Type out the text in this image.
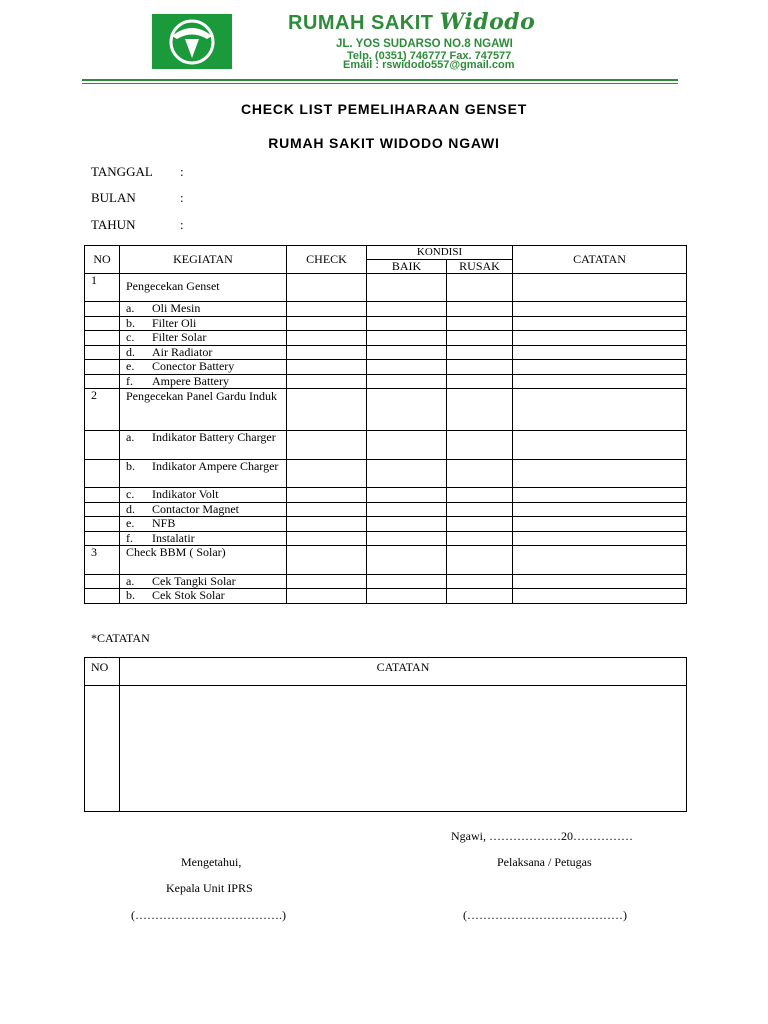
RUMAH SAKIT Widodo
JL. YOS SUDARSO NO.8 NGAWI
Telp. (0351) 746777 Fax. 747577
Email : rswidodo557@gmail.com
CHECK LIST PEMELIHARAAN GENSET
RUMAH SAKIT WIDODO NGAWI
TANGGAL :
BULAN	:
TAHUN	:
NO	KEGIATAN	CHECK	KONDISI		CATATAN
			BAIK	RUSAK	
1	Pengecekan Genset				

	a. Oli Mesin				

	b. Filter Oli				

	c. Filter Solar				

	d. Air Radiator				

	e. Conector Battery				

	f. Ampere Battery				

2	Pengecekan Panel Gardu Induk				

	a. Indikator Battery Charger				

	b. Indikator Ampere Charger				

	c. Indikator Volt				

	d. Contactor Magnet				

	e. NFB				

	f. Instalatir				

3	Check BBM ( Solar)				

	a. Cek Tangki Solar				

	b. Cek Stok Solar				

*CATATAN
NO	CATATAN

Ngawi, ………………20……………
Mengetahui,	Pelaksana / Petugas
Kepala Unit IPRS
(……………………………….)	(…………………………………)
